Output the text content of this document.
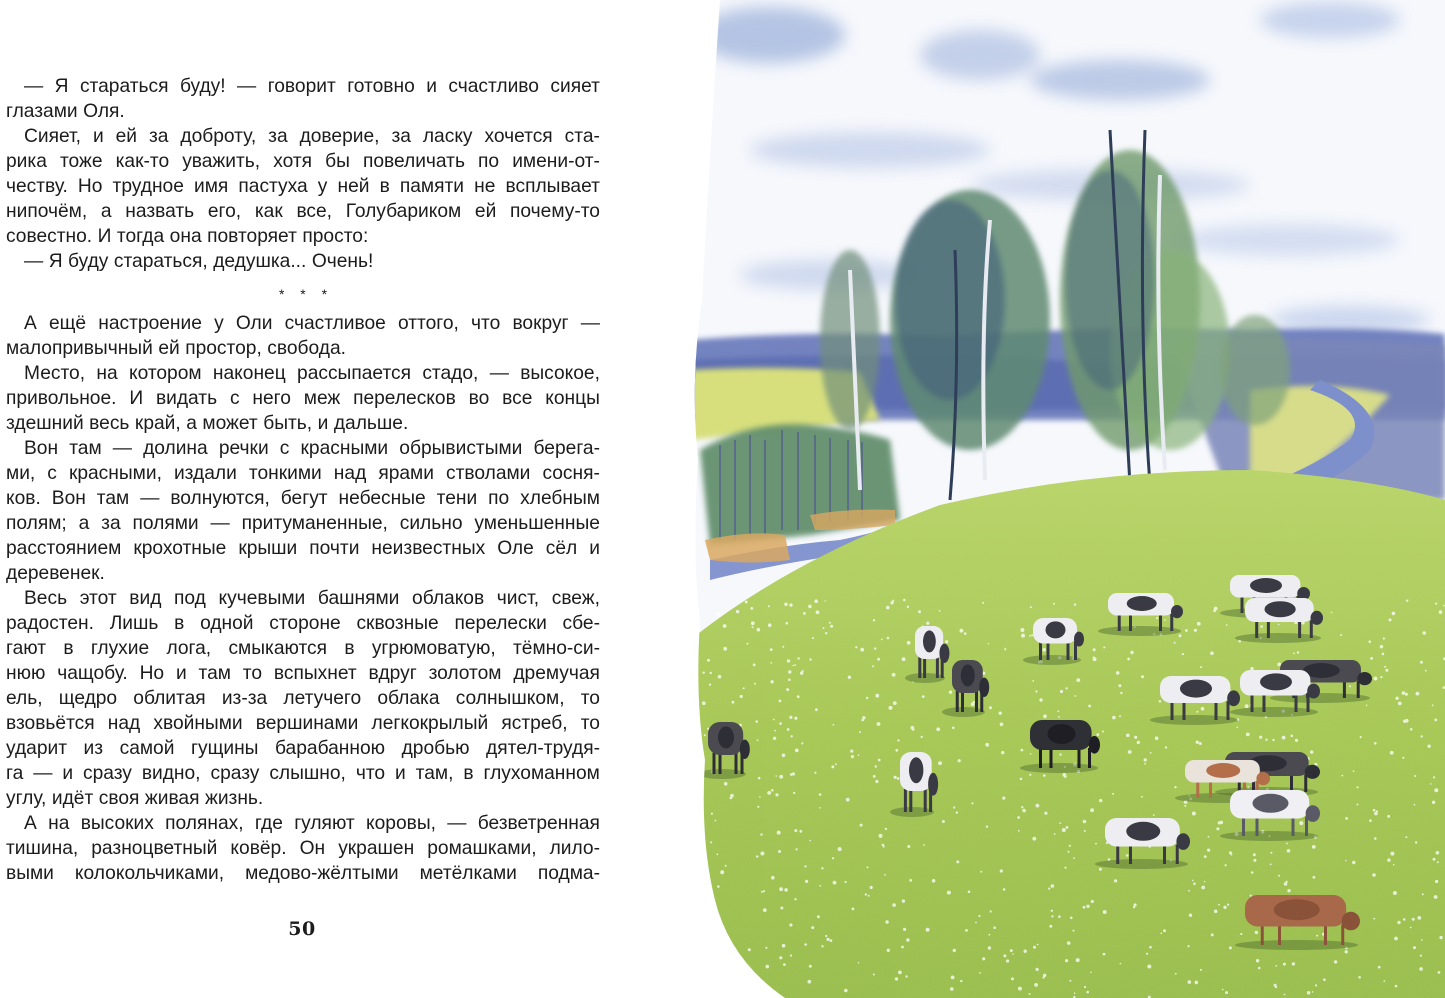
— Я стараться буду! — говорит готовно и счастливо сияет
глазами Оля.
Сияет, и ей за доброту, за доверие, за ласку хочется ста-
рика тоже как-то уважить, хотя бы повеличать по имени-от-
честву. Но трудное имя пастуха у ней в памяти не всплывает
нипочём, а назвать его, как все, Голубариком ей почему-то
совестно. И тогда она повторяет просто:
— Я буду стараться, дедушка... Очень!
* * *
А ещё настроение у Оли счастливое оттого, что вокруг —
малопривычный ей простор, свобода.
Место, на котором наконец рассыпается стадо, — высокое,
привольное. И видать с него меж перелесков во все концы
здешний весь край, а может быть, и дальше.
Вон там — долина речки с красными обрывистыми берега-
ми, с красными, издали тонкими над ярами стволами сосня-
ков. Вон там — волнуются, бегут небесные тени по хлебным
полям; а за полями — притуманенные, сильно уменьшенные
расстоянием крохотные крыши почти неизвестных Оле сёл и
деревенек.
Весь этот вид под кучевыми башнями облаков чист, свеж,
радостен. Лишь в одной стороне сквозные перелески сбе-
гают в глухие лога, смыкаются в угрюмоватую, тёмно-си-
нюю чащобу. Но и там то вспыхнет вдруг золотом дремучая
ель, щедро облитая из-за летучего облака солнышком, то
взовьётся над хвойными вершинами легкокрылый ястреб, то
ударит из самой гущины барабанною дробью дятел-трудя-
га — и сразу видно, сразу слышно, что и там, в глухоманном
углу, идёт своя живая жизнь.
А на высоких полянах, где гуляют коровы, — безветренная
тишина, разноцветный ковёр. Он украшен ромашками, лило-
выми колокольчиками, медово-жёлтыми метёлками подма-
50
